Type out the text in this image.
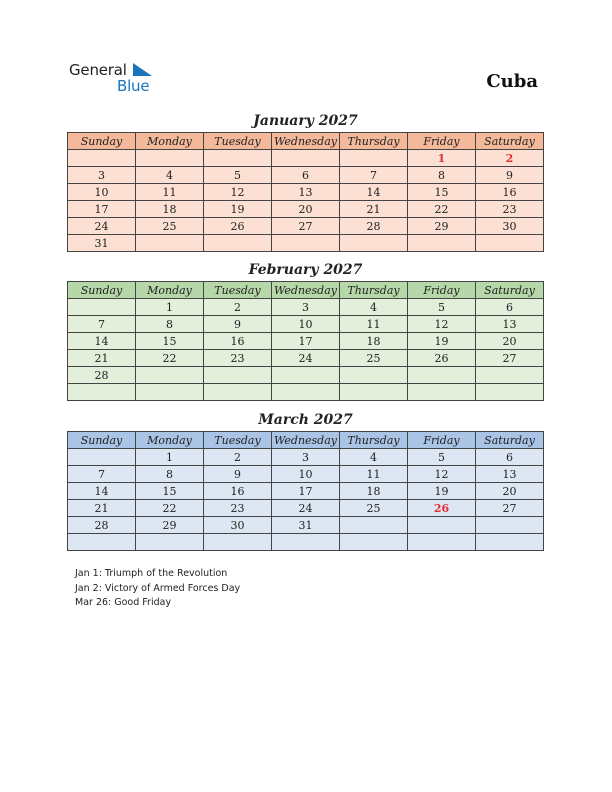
General
Blue	Cuba
January 2027
Sunday	Monday	Tuesday	Wednesday	Thursday	Friday	Saturday
					1	2
3	4	5	6	7	8	9
10	11	12	13	14	15	16
17	18	19	20	21	22	23
24	25	26	27	28	29	30
31						
February 2027
Sunday	Monday	Tuesday	Wednesday	Thursday	Friday	Saturday
	1	2	3	4	5	6
7	8	9	10	11	12	13
14	15	16	17	18	19	20
21	22	23	24	25	26	27
28						

March 2027
Sunday	Monday	Tuesday	Wednesday	Thursday	Friday	Saturday
	1	2	3	4	5	6
7	8	9	10	11	12	13
14	15	16	17	18	19	20
21	22	23	24	25	26	27
28	29	30	31			

Jan 1: Triumph of the Revolution
Jan 2: Victory of Armed Forces Day
Mar 26: Good Friday
